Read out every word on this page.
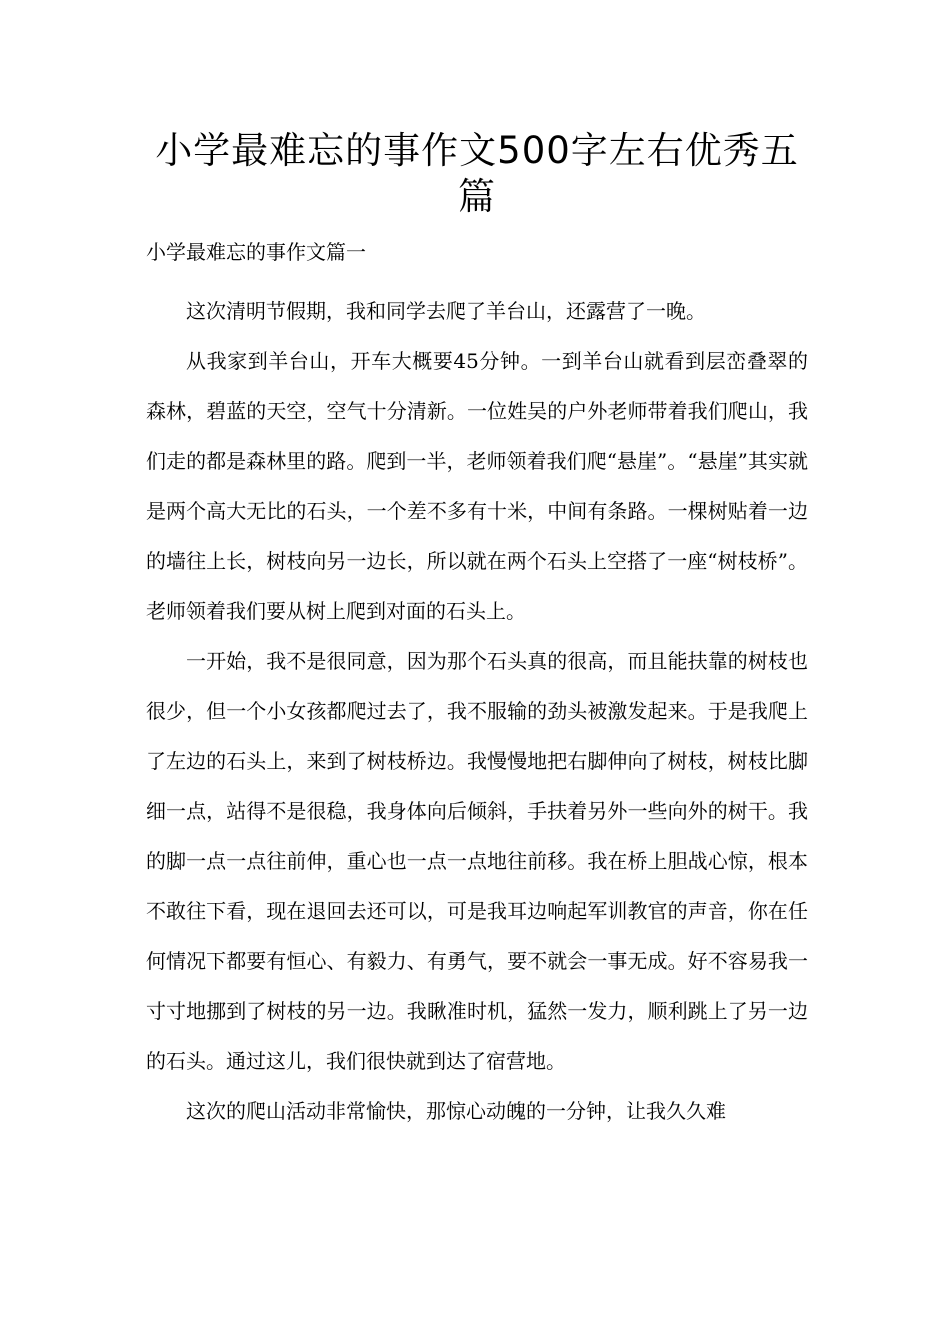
小学最难忘的事作文500字左右优秀五篇
小学最难忘的事作文篇一

这次清明节假期，我和同学去爬了羊台山，还露营了一晚。

从我家到羊台山，开车大概要45分钟。一到羊台山就看到层峦叠翠的森林，碧蓝的天空，空气十分清新。一位姓吴的户外老师带着我们爬山，我们走的都是森林里的路。爬到一半，老师领着我们爬“悬崖”。“悬崖”其实就是两个高大无比的石头，一个差不多有十米，中间有条路。一棵树贴着一边的墙往上长，树枝向另一边长，所以就在两个石头上空搭了一座“树枝桥”。老师领着我们要从树上爬到对面的石头上。

一开始，我不是很同意，因为那个石头真的很高，而且能扶靠的树枝也很少，但一个小女孩都爬过去了，我不服输的劲头被激发起来。于是我爬上了左边的石头上，来到了树枝桥边。我慢慢地把右脚伸向了树枝，树枝比脚细一点，站得不是很稳，我身体向后倾斜，手扶着另外一些向外的树干。我的脚一点一点往前伸，重心也一点一点地往前移。我在桥上胆战心惊，根本不敢往下看，现在退回去还可以，可是我耳边响起军训教官的声音，你在任何情况下都要有恒心、有毅力、有勇气，要不就会一事无成。好不容易我一寸寸地挪到了树枝的另一边。我瞅准时机，猛然一发力，顺利跳上了另一边的石头。通过这儿，我们很快就到达了宿营地。

这次的爬山活动非常愉快，那惊心动魄的一分钟，让我久久难
